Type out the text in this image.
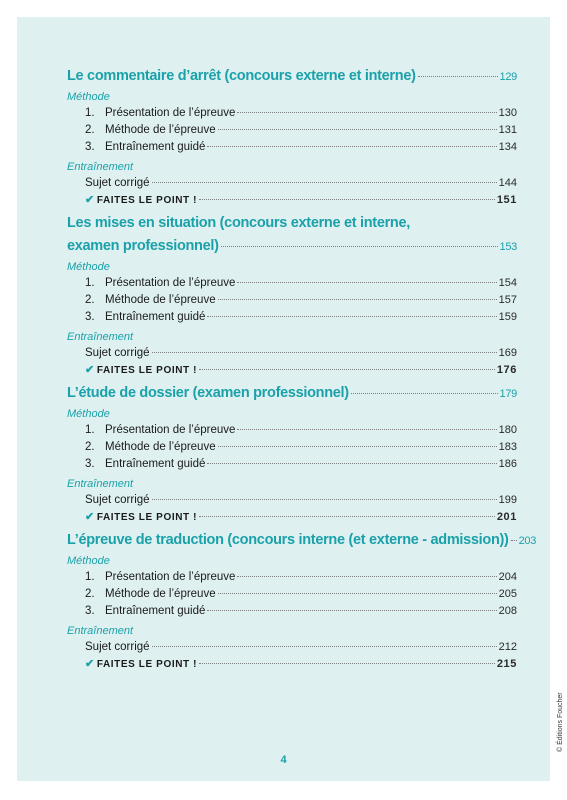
Le commentaire d’arrêt (concours externe et interne)	129
Méthode
1. Présentation de l’épreuve	130
2. Méthode de l’épreuve	131
3. Entraînement guidé	134
Entraînement
Sujet corrigé	144
✔ FAITES LE POINT !	151
Les mises en situation (concours externe et interne,
examen professionnel)	153
Méthode
1. Présentation de l’épreuve	154
2. Méthode de l’épreuve	157
3. Entraînement guidé	159
Entraînement
Sujet corrigé	169
✔ FAITES LE POINT !	176
L’étude de dossier (examen professionnel)	179
Méthode
1. Présentation de l’épreuve	180
2. Méthode de l’épreuve	183
3. Entraînement guidé	186
Entraînement
Sujet corrigé	199
✔ FAITES LE POINT !	201
L’épreuve de traduction (concours interne (et externe - admission)) 203
Méthode
1. Présentation de l’épreuve	204
2. Méthode de l’épreuve	205
3. Entraînement guidé	208
Entraînement
Sujet corrigé	212
✔ FAITES LE POINT !	215
4
© Éditions Foucher
